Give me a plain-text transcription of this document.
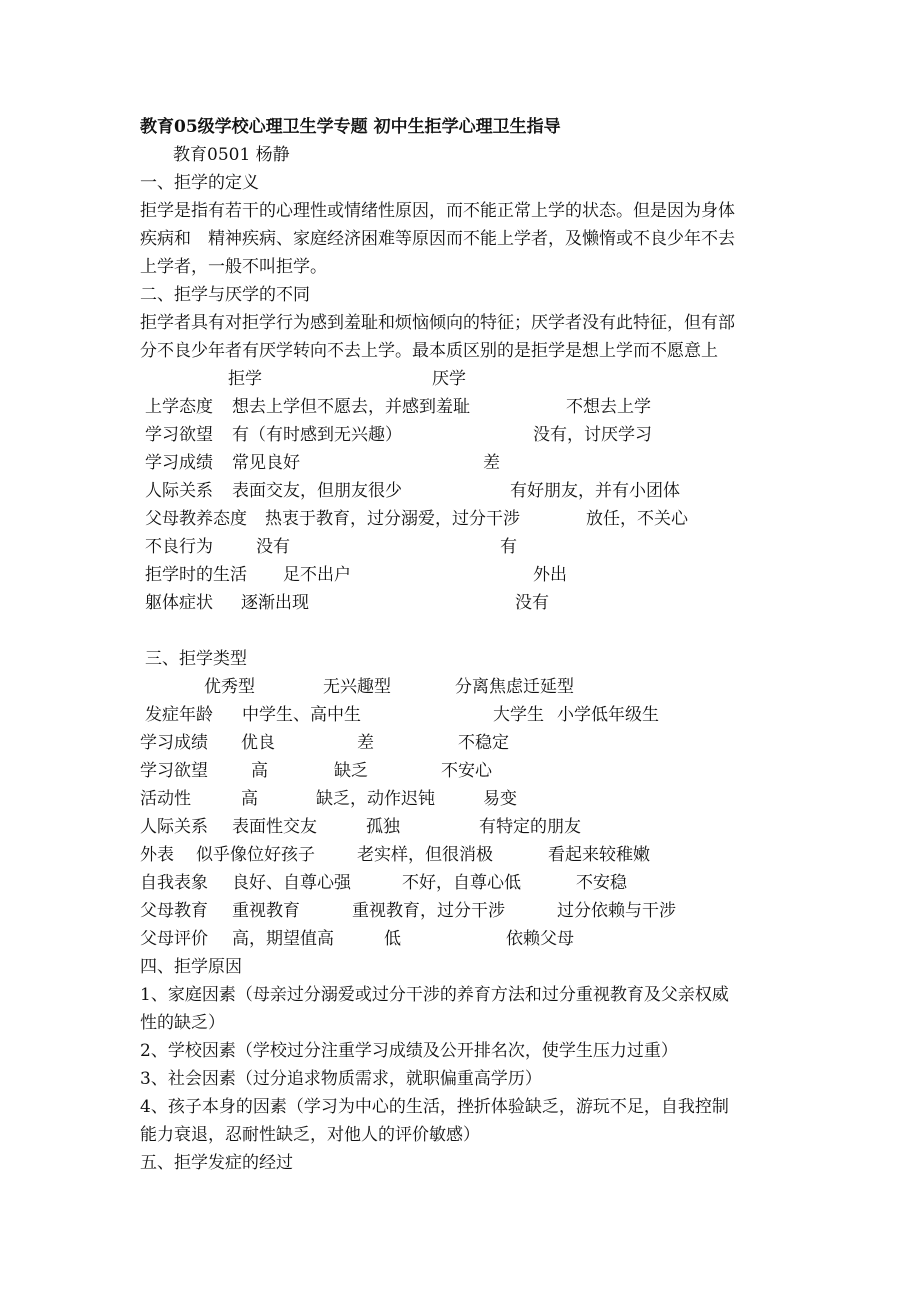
教育05级学校心理卫生学专题 初中生拒学心理卫生指导
教育0501 杨静
一、拒学的定义
拒学是指有若干的心理性或情绪性原因，而不能正常上学的状态。但是因为身体
疾病和　精神疾病、家庭经济困难等原因而不能上学者，及懒惰或不良少年不去
上学者，一般不叫拒学。
二、拒学与厌学的不同
拒学者具有对拒学行为感到羞耻和烦恼倾向的特征；厌学者没有此特征，但有部
分不良少年者有厌学转向不去上学。最本质区别的是拒学是想上学而不愿意上
拒学	厌学
上学态度 想去上学但不愿去，并感到羞耻	不想去上学
学习欲望 有（有时感到无兴趣）	没有，讨厌学习
学习成绩 常见良好	差
人际关系 表面交友，但朋友很少	有好朋友，并有小团体
父母教养态度 热衷于教育，过分溺爱，过分干涉	放任，不关心
不良行为	没有	有
拒学时的生活 足不出户	外出
躯体症状 逐渐出现	没有
三、拒学类型
优秀型	无兴趣型	分离焦虑迁延型
发症年龄 中学生、高中生	大学生 小学低年级生
学习成绩 优良	差	不稳定
学习欲望	高	缺乏	不安心
活动性	高	缺乏，动作迟钝	易变
人际关系 表面性交友	孤独	有特定的朋友
外表 似乎像位好孩子 老实样，但很消极	看起来较稚嫩
自我表象 良好、自尊心强	不好，自尊心低	不安稳
父母教育 重视教育	重视教育，过分干涉	过分依赖与干涉
父母评价 高，期望值高	低	依赖父母
四、拒学原因
1、家庭因素（母亲过分溺爱或过分干涉的养育方法和过分重视教育及父亲权威
性的缺乏）
2、学校因素（学校过分注重学习成绩及公开排名次，使学生压力过重）
3、社会因素（过分追求物质需求，就职偏重高学历）
4、孩子本身的因素（学习为中心的生活，挫折体验缺乏，游玩不足，自我控制
能力衰退，忍耐性缺乏，对他人的评价敏感）
五、拒学发症的经过
